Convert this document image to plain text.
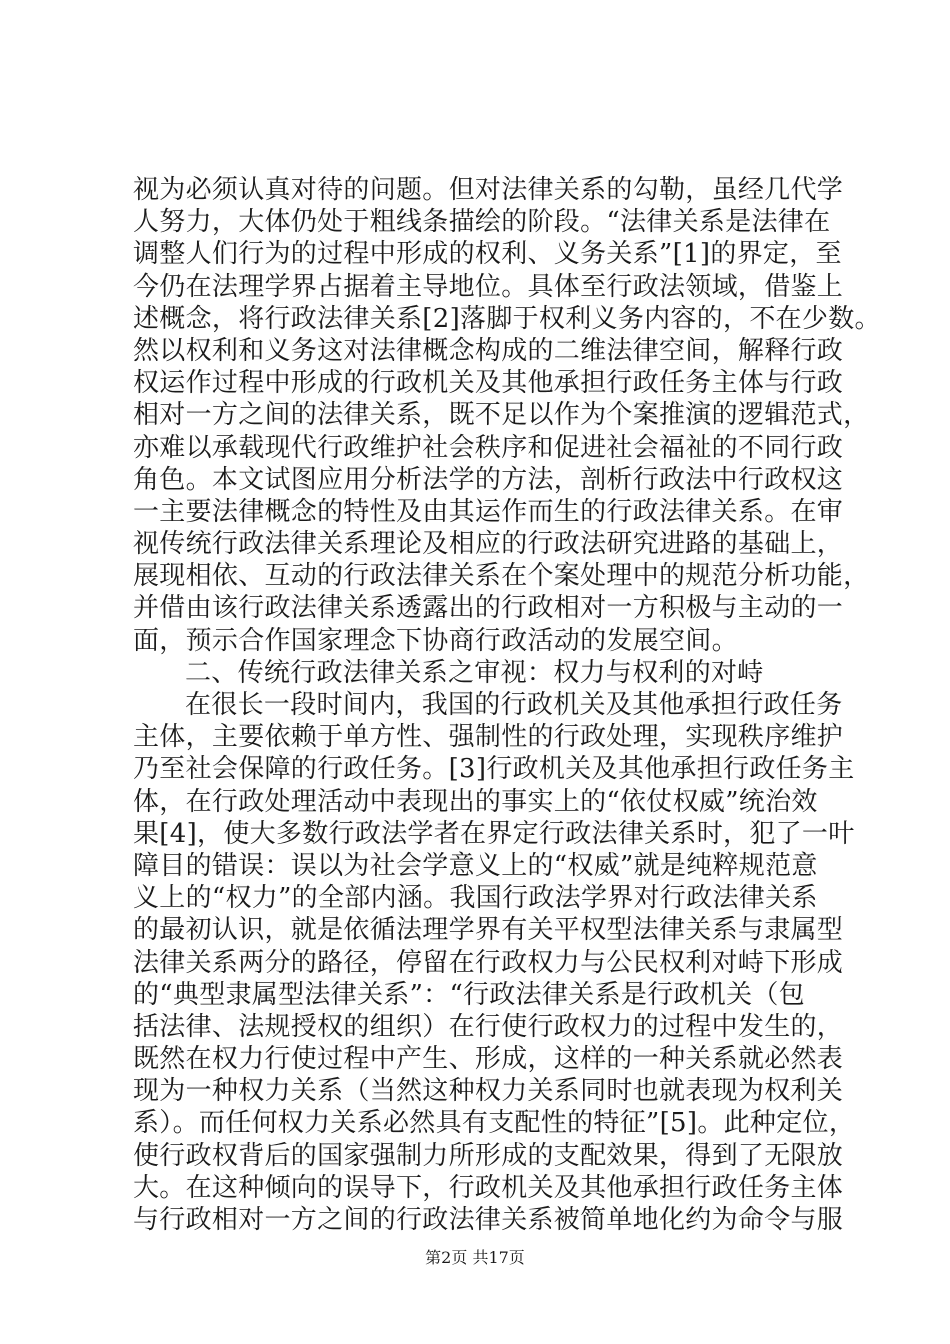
视为必须认真对待的问题。但对法律关系的勾勒，虽经几代学
人努力，大体仍处于粗线条描绘的阶段。“法律关系是法律在
调整人们行为的过程中形成的权利、义务关系”[1]的界定，至
今仍在法理学界占据着主导地位。具体至行政法领域，借鉴上
述概念，将行政法律关系[2]落脚于权利义务内容的，不在少数。
然以权利和义务这对法律概念构成的二维法律空间，解释行政
权运作过程中形成的行政机关及其他承担行政任务主体与行政
相对一方之间的法律关系，既不足以作为个案推演的逻辑范式，
亦难以承载现代行政维护社会秩序和促进社会福祉的不同行政
角色。本文试图应用分析法学的方法，剖析行政法中行政权这
一主要法律概念的特性及由其运作而生的行政法律关系。在审
视传统行政法律关系理论及相应的行政法研究进路的基础上，
展现相依、互动的行政法律关系在个案处理中的规范分析功能，
并借由该行政法律关系透露出的行政相对一方积极与主动的一
面，预示合作国家理念下协商行政活动的发展空间。
二、传统行政法律关系之审视：权力与权利的对峙
在很长一段时间内，我国的行政机关及其他承担行政任务
主体，主要依赖于单方性、强制性的行政处理，实现秩序维护
乃至社会保障的行政任务。[3]行政机关及其他承担行政任务主
体，在行政处理活动中表现出的事实上的“依仗权威”统治效
果[4]，使大多数行政法学者在界定行政法律关系时，犯了一叶
障目的错误：误以为社会学意义上的“权威”就是纯粹规范意
义上的“权力”的全部内涵。我国行政法学界对行政法律关系
的最初认识，就是依循法理学界有关平权型法律关系与隶属型
法律关系两分的路径，停留在行政权力与公民权利对峙下形成
的“典型隶属型法律关系”：“行政法律关系是行政机关（包
括法律、法规授权的组织）在行使行政权力的过程中发生的，
既然在权力行使过程中产生、形成，这样的一种关系就必然表
现为一种权力关系（当然这种权力关系同时也就表现为权利关
系）。而任何权力关系必然具有支配性的特征”[5]。此种定位，
使行政权背后的国家强制力所形成的支配效果，得到了无限放
大。在这种倾向的误导下，行政机关及其他承担行政任务主体
与行政相对一方之间的行政法律关系被简单地化约为命令与服
第2页 共17页
